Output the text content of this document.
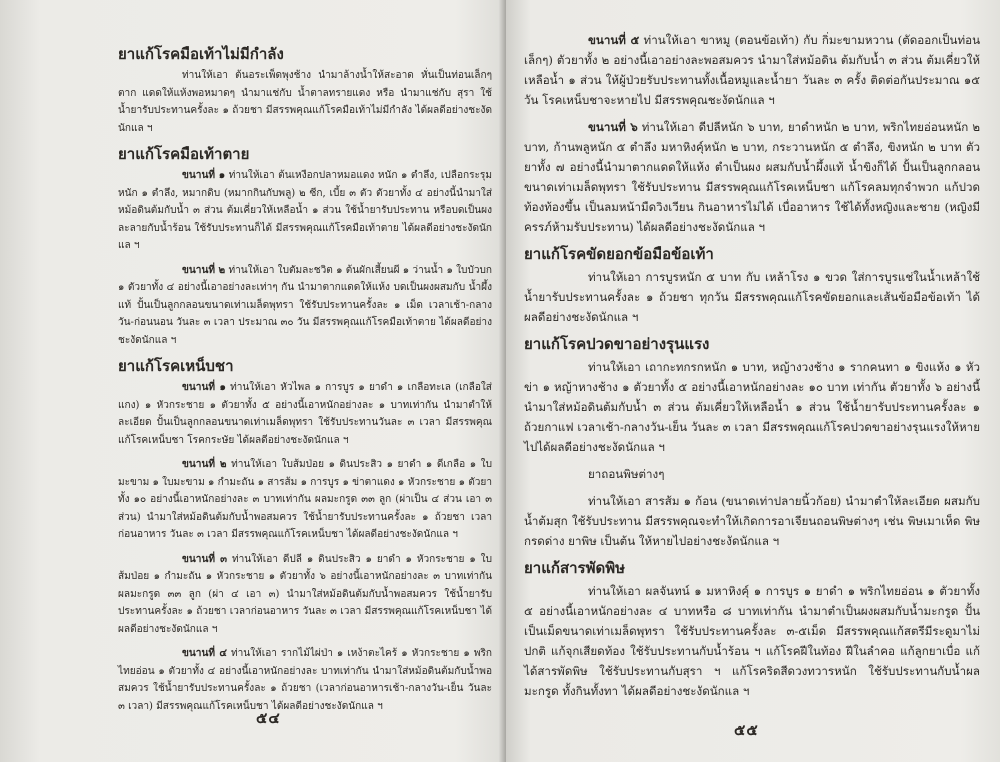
ยาแก้โรคมือเท้าไม่มีกำลัง
ท่านให้เอา ต้นอระเพ็ดพุงช้าง นำมาล้างน้ำให้สะอาด หั่นเป็นท่อนเล็กๆ ตาก แดดให้แห้งพอหมาดๆ นำมาแช่กับ น้ำตาลทรายแดง หรือ นำมาแช่กับ สุรา ใช้น้ำยารับประทานครั้งละ ๑ ถ้วยชา มีสรรพคุณแก้โรคมือเท้าไม่มีกำลัง ได้ผลดีอย่างชะงัดนักแล ฯ
ยาแก้โรคมือเท้าตาย
ขนานที่ ๑ ท่านให้เอา ต้นเหงือกปลาหมอแดง หนัก ๑ ตำลึง, เปลือกระรุม หนัก ๑ ตำลึง, หมากดิบ (หมากกินกับพลู) ๒ ซีก, เบี้ย ๓ ตัว ตัวยาทั้ง ๔ อย่างนี้นำมาใส่หม้อดินต้มกับน้ำ ๓ ส่วน ต้มเคี่ยวให้เหลือน้ำ ๑ ส่วน ใช้น้ำยารับประทาน หรือบดเป็นผง ละลายกับน้ำร้อน ใช้รับประทานก็ได้ มีสรรพคุณแก้โรคมือเท้าตาย ได้ผลดีอย่างชะงัดนักแล ฯ
ขนานที่ ๒ ท่านให้เอา ใบตัมละชวิต ๑ ต้นผักเสี้ยนผี ๑ ว่านน้ำ ๑ ใบบัวบก ๑ ตัวยาทั้ง ๔ อย่างนี้เอาอย่างละเท่าๆ กัน นำมาตากแดดให้แห้ง บดเป็นผงผสมกับ น้ำผึ้งแท้ ปั้นเป็นลูกกลอนขนาดเท่าเมล็ดพุทรา ใช้รับประทานครั้งละ ๑ เม็ด เวลาเช้า-กลางวัน-ก่อนนอน วันละ ๓ เวลา ประมาณ ๓๐ วัน มีสรรพคุณแก้โรคมือเท้าตาย ได้ผลดีอย่างชะงัดนักแล ฯ
ยาแก้โรคเหน็บชา
ขนานที่ ๑ ท่านให้เอา หัวไพล ๑ การบูร ๑ ยาดำ ๑ เกลือทะเล (เกลือใส่แกง) ๑ หัวกระชาย ๑ ตัวยาทั้ง ๕ อย่างนี้เอาหนักอย่างละ ๑ บาทเท่ากัน นำมาตำให้ละเอียด ปั้นเป็นลูกกลอนขนาดเท่าเมล็ดพุทรา ใช้รับประทานวันละ ๓ เวลา มีสรรพคุณแก้โรคเหน็บชา โรคกระษัย ได้ผลดีอย่างชะงัดนักแล ฯ
ขนานที่ ๒ ท่านให้เอา ใบส้มป่อย ๑ ดินประสิว ๑ ยาดำ ๑ ดีเกลือ ๑ ใบมะขาม ๑ ใบมะขาม ๑ กำมะถัน ๑ สารส้ม ๑ การบูร ๑ ข่าตาแดง ๑ หัวกระชาย ๑ ตัวยาทั้ง ๑๐ อย่างนี้เอาหนักอย่างละ ๓ บาทเท่ากัน ผลมะกรูด ๓๓ ลูก (ผ่าเป็น ๔ ส่วน เอา ๓ ส่วน) นำมาใส่หม้อดินต้มกับน้ำพอสมควร ใช้น้ำยารับประทานครั้งละ ๑ ถ้วยชา เวลาก่อนอาหาร วันละ ๓ เวลา มีสรรพคุณแก้โรคเหน็บชา ได้ผลดีอย่างชะงัดนักแล ฯ
ขนานที่ ๓ ท่านให้เอา ดีปลี ๑ ดินประสิว ๑ ยาดำ ๑ หัวกระชาย ๑ ใบส้มป่อย ๑ กำมะถัน ๑ หัวกระชาย ๑ ตัวยาทั้ง ๖ อย่างนี้เอาหนักอย่างละ ๓ บาทเท่ากัน ผลมะกรูด ๓๓ ลูก (ผ่า ๔ เอา ๓) นำมาใส่หม้อดินต้มกับน้ำพอสมควร ใช้น้ำยารับประทานครั้งละ ๑ ถ้วยชา เวลาก่อนอาหาร วันละ ๓ เวลา มีสรรพคุณแก้โรคเหน็บชา ได้ผลดีอย่างชะงัดนักแล ฯ
ขนานที่ ๔ ท่านให้เอา รากไม้ไผ่ป่า ๑ เหง้าตะไคร้ ๑ หัวกระชาย ๑ พริกไทยอ่อน ๑ ตัวยาทั้ง ๔ อย่างนี้เอาหนักอย่างละ บาทเท่ากัน นำมาใส่หม้อดินต้มกับน้ำพอสมควร ใช้น้ำยารับประทานครั้งละ ๑ ถ้วยชา (เวลาก่อนอาหารเช้า-กลางวัน-เย็น วันละ ๓ เวลา) มีสรรพคุณแก้โรคเหน็บชา ได้ผลดีอย่างชะงัดนักแล ฯ
๕๔
ขนานที่ ๕ ท่านให้เอา ขาหมู (ตอนข้อเท้า) กับ กิ่มะขามหวาน (ตัดออกเป็นท่อนเล็กๆ) ตัวยาทั้ง ๒ อย่างนี้เอาอย่างละพอสมควร นำมาใส่หม้อดิน ต้มกับน้ำ ๓ ส่วน ต้มเคี่ยวให้เหลือน้ำ ๑ ส่วน ให้ผู้ป่วยรับประทานทั้งเนื้อหมูและน้ำยา วันละ ๓ ครั้ง ติดต่อกันประมาณ ๑๕ วัน โรคเหน็บชาจะหายไป มีสรรพคุณชะงัดนักแล ฯ
ขนานที่ ๖ ท่านให้เอา ดีปลีหนัก ๖ บาท, ยาดำหนัก ๒ บาท, พริกไทยอ่อนหนัก ๒ บาท, ก้านพลูหนัก ๕ ตำลึง มหาหิงคุ์หนัก ๒ บาท, กระวานหนัก ๕ ตำลึง, ขิงหนัก ๒ บาท ตัวยาทั้ง ๗ อย่างนี้นำมาตากแดดให้แห้ง ตำเป็นผง ผสมกับน้ำผึ้งแท้ น้ำขิงก็ได้ ปั้นเป็นลูกกลอนขนาดเท่าเมล็ดพุทรา ใช้รับประทาน มีสรรพคุณแก้โรคเหน็บชา แก้โรคลมทุกจำพวก แก้ปวดท้องท้องขึ้น เป็นลมหน้ามืดวิงเวียน กินอาหารไม่ได้ เบื่ออาหาร ใช้ได้ทั้งหญิงและชาย (หญิงมีครรภ์ห้ามรับประทาน) ได้ผลดีอย่างชะงัดนักแล ฯ
ยาแก้โรคขัดยอกข้อมือข้อเท้า
ท่านให้เอา การบูรหนัก ๕ บาท กับ เหล้าโรง ๑ ขวด ใส่การบูรแช่ในน้ำเหล้าใช้น้ำยารับประทานครั้งละ ๑ ถ้วยชา ทุกวัน มีสรรพคุณแก้โรคขัดยอกและเส้นข้อมือข้อเท้า ได้ผลดีอย่างชะงัดนักแล ฯ
ยาแก้โรคปวดขาอย่างรุนแรง
ท่านให้เอา เถากะทกรกหนัก ๑ บาท, หญ้างวงช้าง ๑ รากคนทา ๑ ขิงแห้ง ๑ หัวข่า ๑ หญ้าหางช้าง ๑ ตัวยาทั้ง ๕ อย่างนี้เอาหนักอย่างละ ๑๐ บาท เท่ากัน ตัวยาทั้ง ๖ อย่างนี้นำมาใส่หม้อดินต้มกับน้ำ ๓ ส่วน ต้มเคี่ยวให้เหลือน้ำ ๑ ส่วน ใช้น้ำยารับประทานครั้งละ ๑ ถ้วยกาแฟ เวลาเช้า-กลางวัน-เย็น วันละ ๓ เวลา มีสรรพคุณแก้โรคปวดขาอย่างรุนแรงให้หายไปได้ผลดีอย่างชะงัดนักแล ฯ
ยาถอนพิษต่างๆ
ท่านให้เอา สารส้ม ๑ ก้อน (ขนาดเท่าปลายนิ้วก้อย) นำมาตำให้ละเอียด ผสมกับน้ำต้มสุก ใช้รับประทาน มีสรรพคุณจะทำให้เกิดการอาเจียนถอนพิษต่างๆ เช่น พิษเมาเห็ด พิษกรดด่าง ยาพิษ เป็นต้น ให้หายไปอย่างชะงัดนักแล ฯ
ยาแก้สารพัดพิษ
ท่านให้เอา ผลจันทน์ ๑ มหาหิงคุ์ ๑ การบูร ๑ ยาดำ ๑ พริกไทยอ่อน ๑ ตัวยาทั้ง ๕ อย่างนี้เอาหนักอย่างละ ๔ บาทหรือ ๘ บาทเท่ากัน นำมาตำเป็นผงผสมกับน้ำมะกรูด ปั้นเป็นเม็ดขนาดเท่าเมล็ดพุทรา ใช้รับประทานครั้งละ ๓-๕เม็ด มีสรรพคุณแก้สตรีมีระดูมาไม่ปกติ แก้จุกเสียดท้อง ใช้รับประทานกับน้ำร้อน ฯ แก้โรคฝีในท้อง ฝีในลำคอ แก้ลูกยาเบื่อ แก้ได้สารพัดพิษ ใช้รับประทานกับสุรา ฯ แก้โรคริดสีดวงทวารหนัก ใช้รับประทานกับน้ำผลมะกรูด ทั้งกินทั้งทา ได้ผลดีอย่างชะงัดนักแล ฯ
๕๕
